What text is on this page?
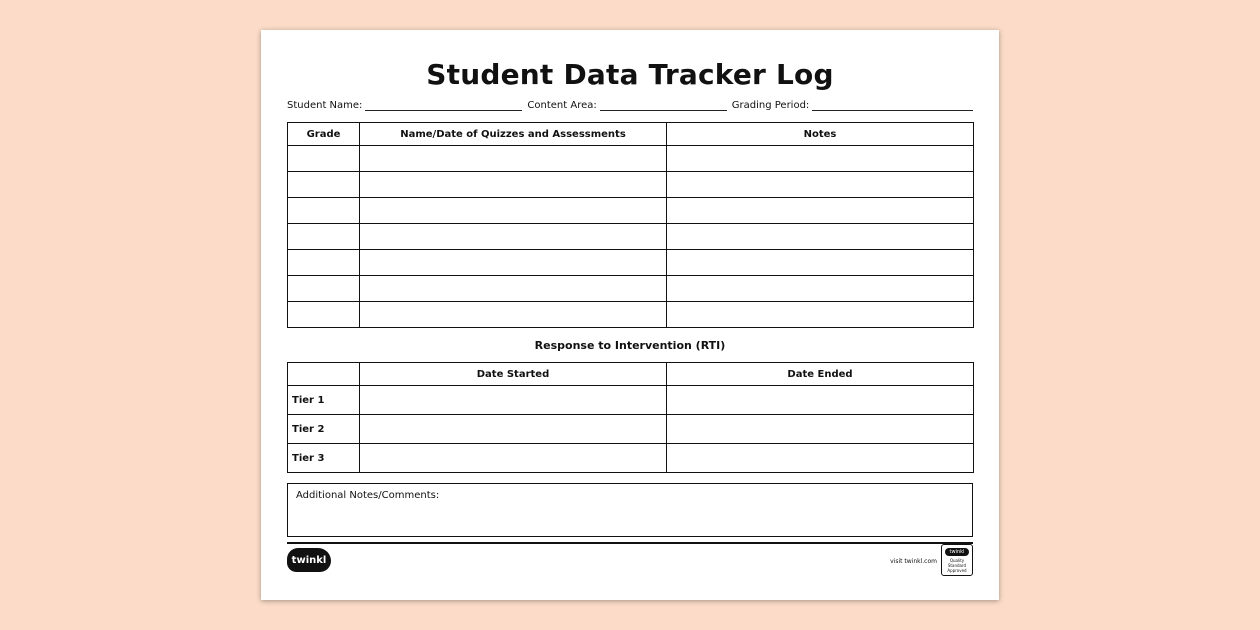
Student Data Tracker Log
Student Name:	Content Area:	Grading Period:
Grade	Name/Date of Quizzes and Assessments	Notes

Response to Intervention (RTI)
	Date Started	Date Ended
Tier 1		
Tier 2		
Tier 3		
Additional Notes/Comments:
twinkl	visit twinkl.com
twinkl
Quality Standard Approved
